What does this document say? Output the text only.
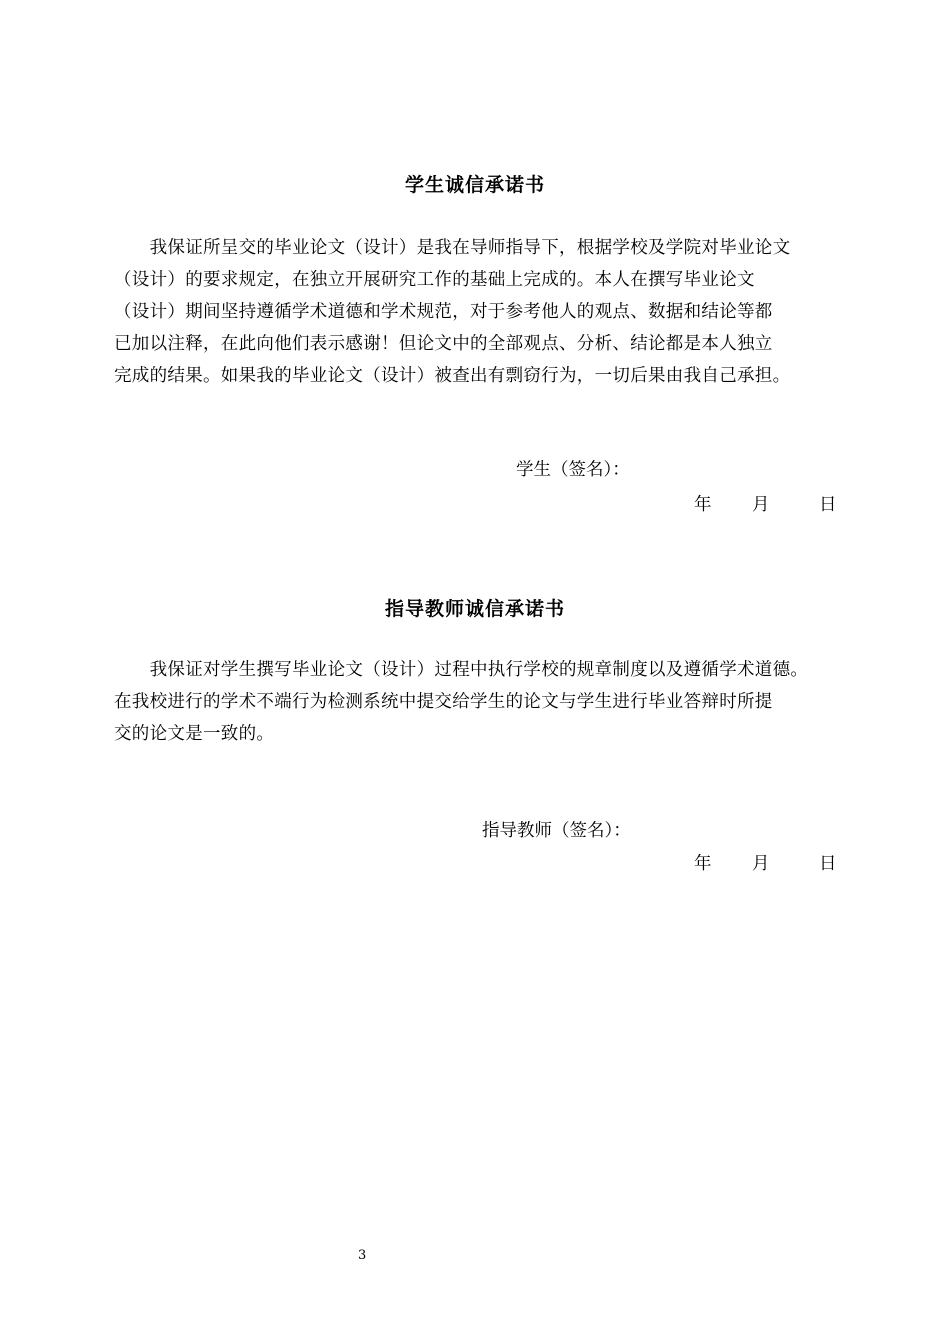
学生诚信承诺书
　　我保证所呈交的毕业论文（设计）是我在导师指导下，根据学校及学院对毕业论文
（设计）的要求规定，在独立开展研究工作的基础上完成的。本人在撰写毕业论文
（设计）期间坚持遵循学术道德和学术规范，对于参考他人的观点、数据和结论等都
已加以注释，在此向他们表示感谢！但论文中的全部观点、分析、结论都是本人独立
完成的结果。如果我的毕业论文（设计）被查出有剽窃行为，一切后果由我自己承担。
学生（签名）：
年 月	日
指导教师诚信承诺书
　　我保证对学生撰写毕业论文（设计）过程中执行学校的规章制度以及遵循学术道德。
在我校进行的学术不端行为检测系统中提交给学生的论文与学生进行毕业答辩时所提
交的论文是一致的。
指导教师（签名）：
年 月	日
3
